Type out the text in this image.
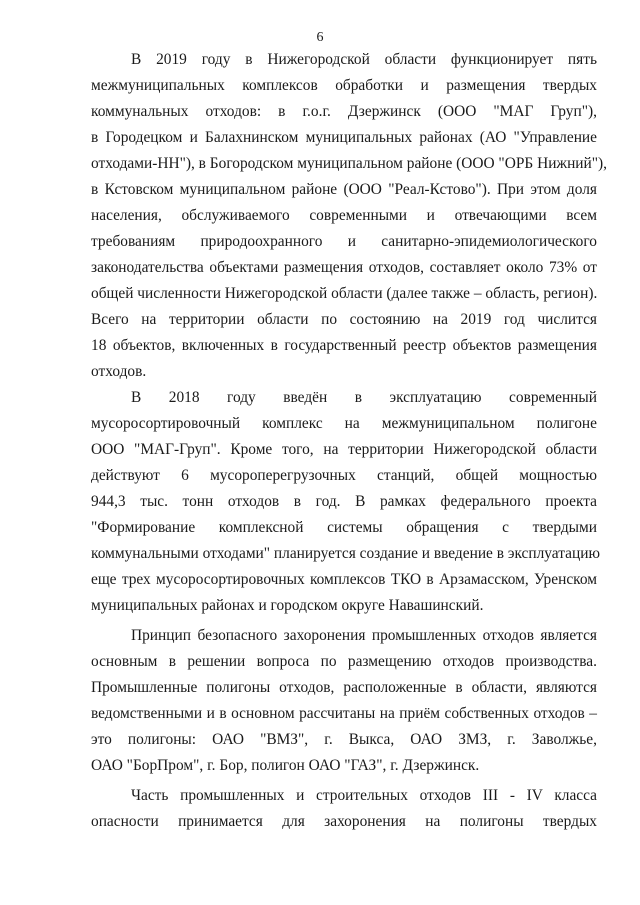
6
В 2019 году в Нижегородской области функционирует пять
межмуниципальных комплексов обработки и размещения твердых
коммунальных отходов: в г.о.г. Дзержинск (ООО "МАГ Груп"),
в Городецком и Балахнинском муниципальных районах (АО "Управление
отходами-НН"), в Богородском муниципальном районе (ООО "ОРБ Нижний"),
в Кстовском муниципальном районе (ООО "Реал-Кстово"). При этом доля
населения, обслуживаемого современными и отвечающими всем
требованиям природоохранного и санитарно-эпидемиологического
законодательства объектами размещения отходов, составляет около 73% от
общей численности Нижегородской области (далее также – область, регион).
Всего на территории области по состоянию на 2019 год числится
18 объектов, включенных в государственный реестр объектов размещения
отходов.
В 2018 году введён в эксплуатацию современный
мусоросортировочный комплекс на межмуниципальном полигоне
ООО "МАГ-Груп". Кроме того, на территории Нижегородской области
действуют 6 мусороперегрузочных станций, общей мощностью
944,3 тыс. тонн отходов в год. В рамках федерального проекта
"Формирование комплексной системы обращения с твердыми
коммунальными отходами" планируется создание и введение в эксплуатацию
еще трех мусоросортировочных комплексов ТКО в Арзамасском, Уренском
муниципальных районах и городском округе Навашинский.
Принцип безопасного захоронения промышленных отходов является
основным в решении вопроса по размещению отходов производства.
Промышленные полигоны отходов, расположенные в области, являются
ведомственными и в основном рассчитаны на приём собственных отходов –
это полигоны: ОАО "ВМЗ", г. Выкса, ОАО ЗМЗ, г. Заволжье,
ОАО "БорПром", г. Бор, полигон ОАО "ГАЗ", г. Дзержинск.
Часть промышленных и строительных отходов III - IV класса
опасности принимается для захоронения на полигоны твердых
